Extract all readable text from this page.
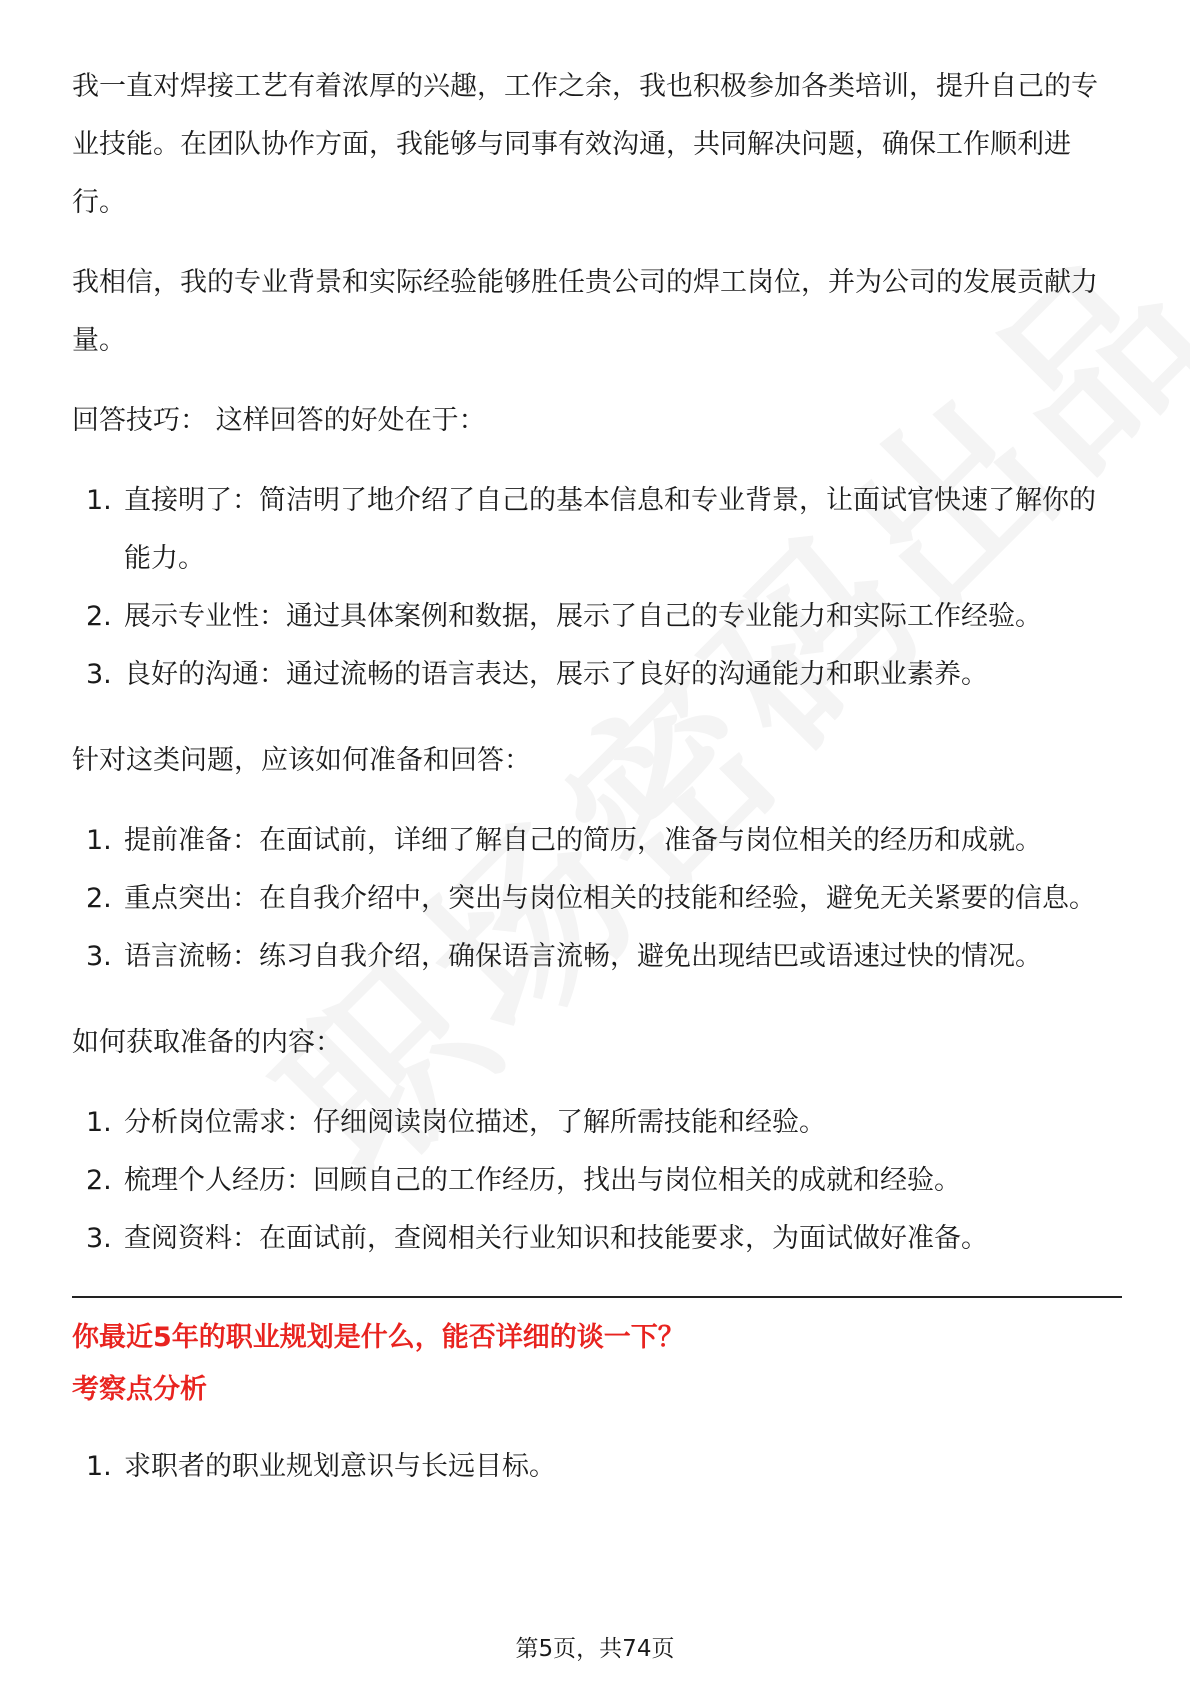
我一直对焊接工艺有着浓厚的兴趣，工作之余，我也积极参加各类培训，提升自己的专业技能。在团队协作方面，我能够与同事有效沟通，共同解决问题，确保工作顺利进行。

我相信，我的专业背景和实际经验能够胜任贵公司的焊工岗位，并为公司的发展贡献力量。

回答技巧： 这样回答的好处在于：

1. 直接明了：简洁明了地介绍了自己的基本信息和专业背景，让面试官快速了解你的能力。
2. 展示专业性：通过具体案例和数据，展示了自己的专业能力和实际工作经验。
3. 良好的沟通：通过流畅的语言表达，展示了良好的沟通能力和职业素养。

针对这类问题，应该如何准备和回答：

1. 提前准备：在面试前，详细了解自己的简历，准备与岗位相关的经历和成就。
2. 重点突出：在自我介绍中，突出与岗位相关的技能和经验，避免无关紧要的信息。
3. 语言流畅：练习自我介绍，确保语言流畅，避免出现结巴或语速过快的情况。

如何获取准备的内容：

1. 分析岗位需求：仔细阅读岗位描述，了解所需技能和经验。
2. 梳理个人经历：回顾自己的工作经历，找出与岗位相关的成就和经验。
3. 查阅资料：在面试前，查阅相关行业知识和技能要求，为面试做好准备。

你最近5年的职业规划是什么，能否详细的谈一下？

考察点分析

1. 求职者的职业规划意识与长远目标。
第5页，共74页
